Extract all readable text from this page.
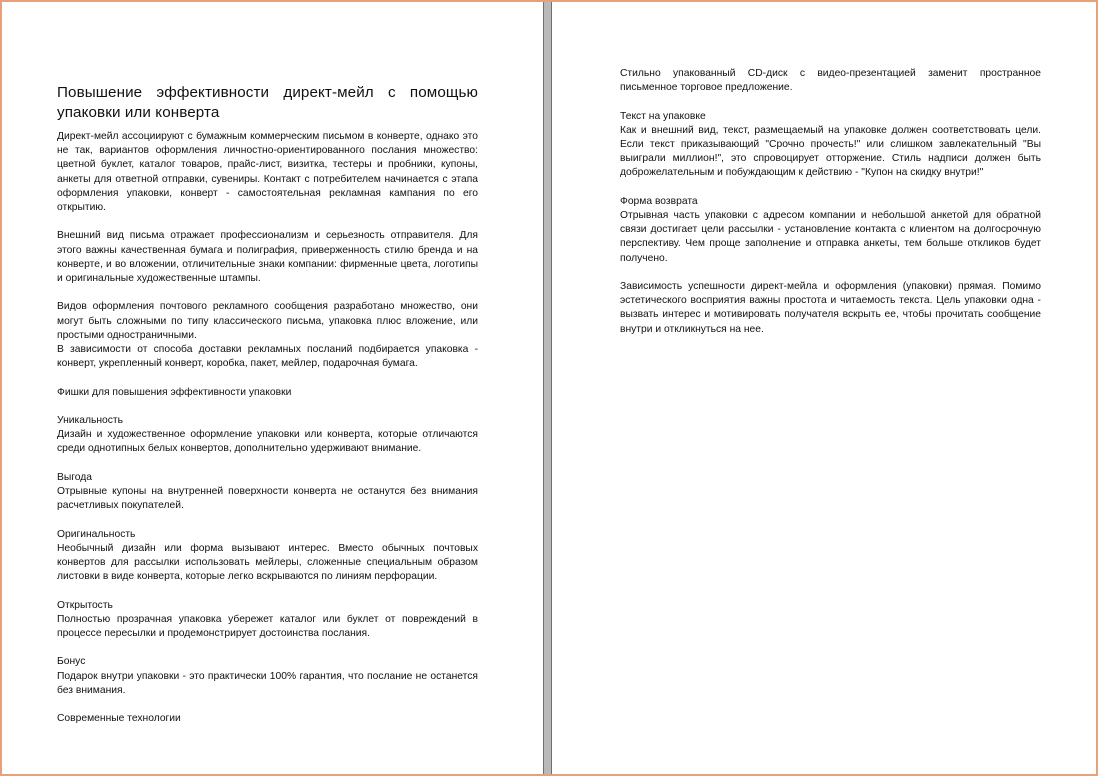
Повышение эффективности директ-мейл с помощью упаковки или конверта

Директ-мейл ассоциируют с бумажным коммерческим письмом в конверте, однако это не так, вариантов оформления личностно-ориентированного послания множество: цветной буклет, каталог товаров, прайс-лист, визитка, тестеры и пробники, купоны, анкеты для ответной отправки, сувениры. Контакт с потребителем начинается с этапа оформления упаковки, конверт - самостоятельная рекламная кампания по его открытию.

Внешний вид письма отражает профессионализм и серьезность отправителя. Для этого важны качественная бумага и полиграфия, приверженность стилю бренда и на конверте, и во вложении, отличительные знаки компании: фирменные цвета, логотипы и оригинальные художественные штампы.

Видов оформления почтового рекламного сообщения разработано множество, они могут быть сложными по типу классического письма, упаковка плюс вложение, или простыми одностраничными.

В зависимости от способа доставки рекламных посланий подбирается упаковка - конверт, укрепленный конверт, коробка, пакет, мейлер, подарочная бумага.

Фишки для повышения эффективности упаковки
Уникальность

Дизайн и художественное оформление упаковки или конверта, которые отличаются среди однотипных белых конвертов, дополнительно удерживают внимание.

Выгода

Отрывные купоны на внутренней поверхности конверта не останутся без внимания расчетливых покупателей.

Оригинальность

Необычный дизайн или форма вызывают интерес. Вместо обычных почтовых конвертов для рассылки использовать мейлеры, сложенные специальным образом листовки в виде конверта, которые легко вскрываются по линиям перфорации.

Открытость

Полностью прозрачная упаковка убережет каталог или буклет от повреждений в процессе пересылки и продемонстрирует достоинства послания.

Бонус

Подарок внутри упаковки - это практически 100% гарантия, что послание не останется без внимания.

Современные технологии

Стильно упакованный CD-диск с видео-презентацией заменит пространное письменное торговое предложение.

Текст на упаковке

Как и внешний вид, текст, размещаемый на упаковке должен соответствовать цели. Если текст приказывающий "Срочно прочесть!" или слишком завлекательный "Вы выиграли миллион!", это спровоцирует отторжение. Стиль надписи должен быть доброжелательным и побуждающим к действию - "Купон на скидку внутри!"

Форма возврата

Отрывная часть упаковки с адресом компании и небольшой анкетой для обратной связи достигает цели рассылки - установление контакта с клиентом на долгосрочную перспективу. Чем проще заполнение и отправка анкеты, тем больше откликов будет получено.

Зависимость успешности директ-мейла и оформления (упаковки) прямая. Помимо эстетического восприятия важны простота и читаемость текста. Цель упаковки одна - вызвать интерес и мотивировать получателя вскрыть ее, чтобы прочитать сообщение внутри и откликнуться на нее.
